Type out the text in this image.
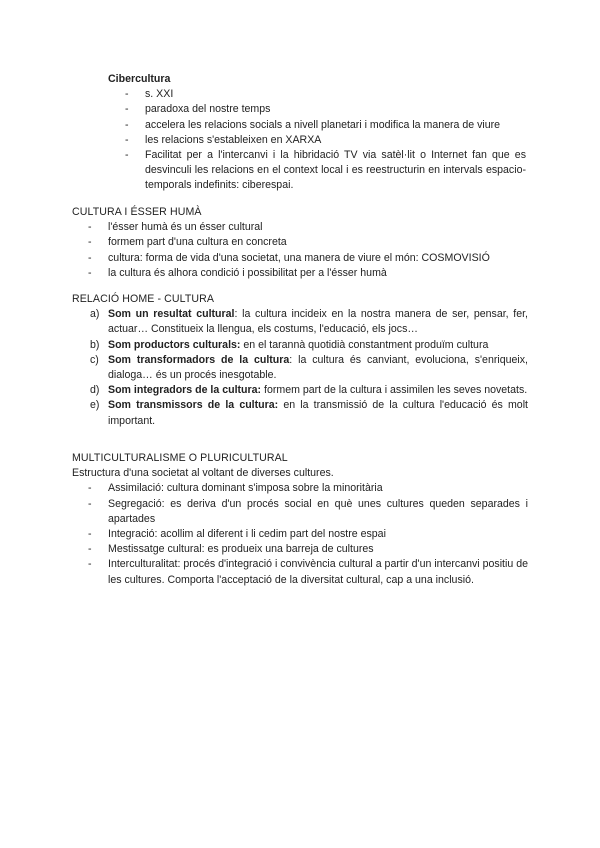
Cibercultura
- s. XXI
- paradoxa del nostre temps
- accelera les relacions socials a nivell planetari i modifica la manera de viure
- les relacions s'estableixen en XARXA
- Facilitat per a l'intercanvi i la hibridació TV via satèl·lit o Internet fan que es desvinculi les relacions en el context local i es reestructurin en intervals espacio-temporals indefinits: ciberespai.
CULTURA I ÉSSER HUMÀ
- l'ésser humà és un ésser cultural
- formem part d'una cultura en concreta
- cultura: forma de vida d'una societat, una manera de viure el món: COSMOVISIÓ
- la cultura és alhora condició i possibilitat per a l'ésser humà
RELACIÓ HOME - CULTURA
a) Som un resultat cultural: la cultura incideix en la nostra manera de ser, pensar, fer, actuar… Constitueix la llengua, els costums, l'educació, els jocs…
b) Som productors culturals: en el tarannà quotidià constantment produïm cultura
c) Som transformadors de la cultura: la cultura és canviant, evoluciona, s'enriqueix, dialoga… és un procés inesgotable.
d) Som integradors de la cultura: formem part de la cultura i assimilen les seves novetats.
e) Som transmissors de la cultura: en la transmissió de la cultura l'educació és molt important.
MULTICULTURALISME O PLURICULTURAL
Estructura d'una societat al voltant de diverses cultures.
- Assimilació: cultura dominant s'imposa sobre la minoritària
- Segregació: es deriva d'un procés social en què unes cultures queden separades i apartades
- Integració: acollim al diferent i li cedim part del nostre espai
- Mestissatge cultural: es produeix una barreja de cultures
- Interculturalitat: procés d'integració i convivència cultural a partir d'un intercanvi positiu de les cultures. Comporta l'acceptació de la diversitat cultural, cap a una inclusió.
